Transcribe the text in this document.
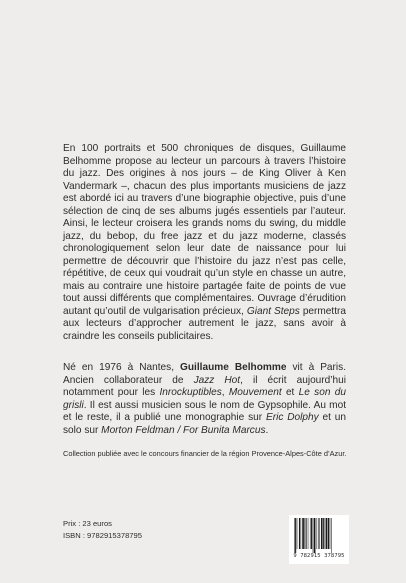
En 100 portraits et 500 chroniques de disques, Guillaume Belhomme propose au lecteur un parcours à travers l’histoire du jazz. Des origines à nos jours – de King Oliver à Ken Vandermark –, chacun des plus importants musiciens de jazz est abordé ici au travers d’une biographie objective, puis d’une sélection de cinq de ses albums jugés essentiels par l’auteur. Ainsi, le lecteur croisera les grands noms du swing, du middle jazz, du bebop, du free jazz et du jazz moderne, classés chronologiquement selon leur date de naissance pour lui permettre de découvrir que l’histoire du jazz n’est pas celle, répétitive, de ceux qui voudrait qu’un style en chasse un autre, mais au contraire une histoire partagée faite de points de vue tout aussi différents que complémentaires. Ouvrage d’érudition autant qu’outil de vulgarisation précieux, Giant Steps permettra aux lecteurs d’approcher autrement le jazz, sans avoir à craindre les conseils publicitaires.
Né en 1976 à Nantes, Guillaume Belhomme vit à Paris. Ancien collaborateur de Jazz Hot, il écrit aujourd’hui notamment pour les Inrockuptibles, Mouvement et Le son du grisli. Il est aussi musicien sous le nom de Gypsophile. Au mot et le reste, il a publié une monographie sur Eric Dolphy et un solo sur Morton Feldman / For Bunita Marcus.
Collection publiée avec le concours financier de la région Provence-Alpes-Côte d’Azur.
Prix : 23 euros
ISBN : 9782915378795
9 782915 378795
